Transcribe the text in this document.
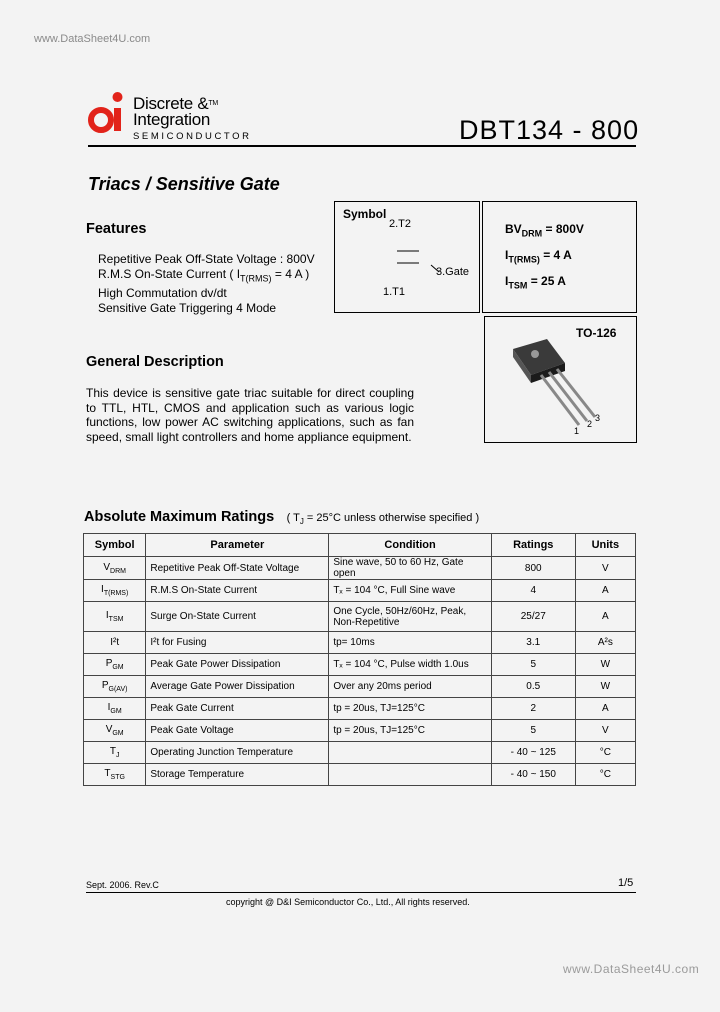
www.DataSheet4U.com
Discrete &™
Integration
SEMICONDUCTOR	DBT134 - 800
Triacs / Sensitive Gate
Features
Repetitive Peak Off-State Voltage : 800V
R.M.S On-State Current ( $I_{T(RMS)} = 4$ A )
High Commutation dv/dt
Sensitive Gate Triggering 4 Mode
Symbol
2.T2
3.Gate
1.T1
$BV_{DRM} = 800V$
$I_{T(RMS)} = 4$ A
$I_{TSM} = 25$ A
TO-126
1
2
3
General Description
This device is sensitive gate triac suitable for direct coupling to TTL, HTL, CMOS and application such as various logic functions, low power AC switching applications, such as fan speed, small light controllers and home appliance equipment.
Absolute Maximum Ratings ( $T_J = 25^\circ C$ unless otherwise specified )
Symbol	Parameter	Condition	Ratings	Units
$V_{DRM}$	Repetitive Peak Off-State Voltage	Sine wave, 50 to 60 Hz, Gate open	800	V
$I_{T(RMS)}$	R.M.S On-State Current	Tₓ = 104 °C, Full Sine wave	4	A
$I_{TSM}$	Surge On-State Current	One Cycle, 50Hz/60Hz, Peak, Non-Repetitive	25/27	A
I²t	I²t for Fusing	tp= 10ms	3.1	A²s
$P_{GM}$	Peak Gate Power Dissipation	Tₓ = 104 °C, Pulse width 1.0us	5	W
$P_{G(AV)}$	Average Gate Power Dissipation	Over any 20ms period	0.5	W
$I_{GM}$	Peak Gate Current	tp = 20us, TJ=125°C	2	A
$V_{GM}$	Peak Gate Voltage	tp = 20us, TJ=125°C	5	V
$T_J$	Operating Junction Temperature		- 40 ~ 125	°C
$T_{STG}$	Storage Temperature		- 40 ~ 150	°C
Sept. 2006. Rev.C	1/5
copyright @ D&I Semiconductor Co., Ltd., All rights reserved.
www.DataSheet4U.com
